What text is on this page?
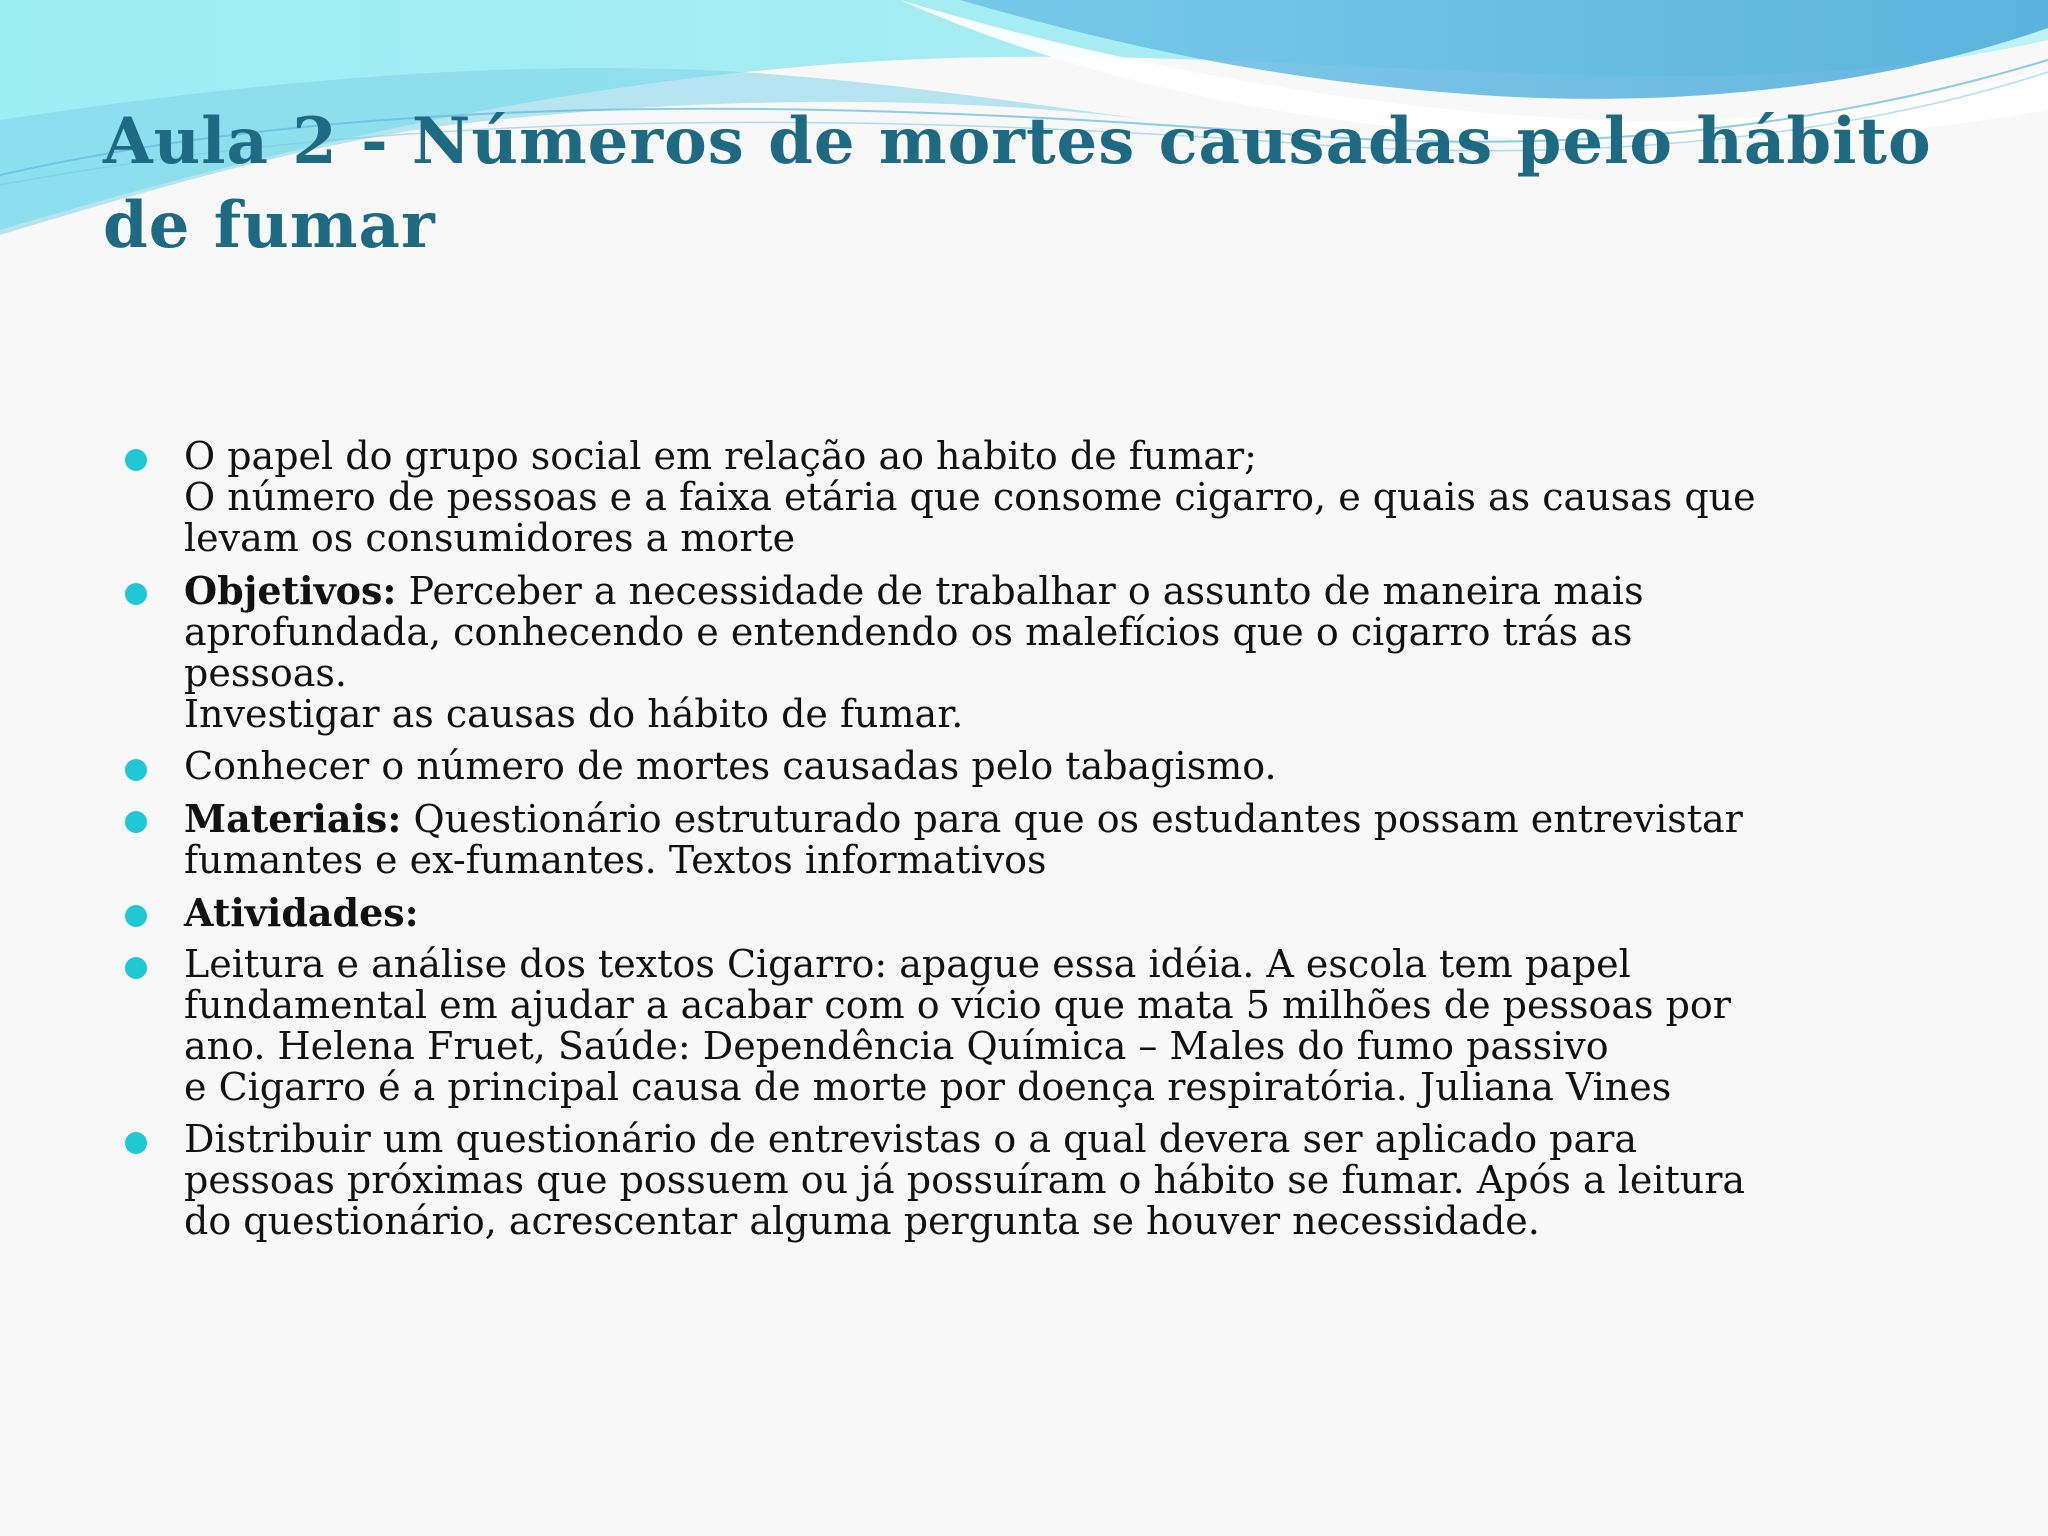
Aula 2 - Números de mortes causadas pelo hábito
de fumar
O papel do grupo social em relação ao habito de fumar;
O número de pessoas e a faixa etária que consome cigarro, e quais as causas que
levam os consumidores a morte
Objetivos: Perceber a necessidade de trabalhar o assunto de maneira mais
aprofundada, conhecendo e entendendo os malefícios que o cigarro trás as
pessoas.
Investigar as causas do hábito de fumar.
Conhecer o número de mortes causadas pelo tabagismo.
Materiais: Questionário estruturado para que os estudantes possam entrevistar
fumantes e ex-fumantes. Textos informativos
Atividades:
Leitura e análise dos textos Cigarro: apague essa idéia. A escola tem papel
fundamental em ajudar a acabar com o vício que mata 5 milhões de pessoas por
ano. Helena Fruet, Saúde: Dependência Química – Males do fumo passivo
e Cigarro é a principal causa de morte por doença respiratória. Juliana Vines
Distribuir um questionário de entrevistas o a qual devera ser aplicado para
pessoas próximas que possuem ou já possuíram o hábito se fumar. Após a leitura
do questionário, acrescentar alguma pergunta se houver necessidade.
